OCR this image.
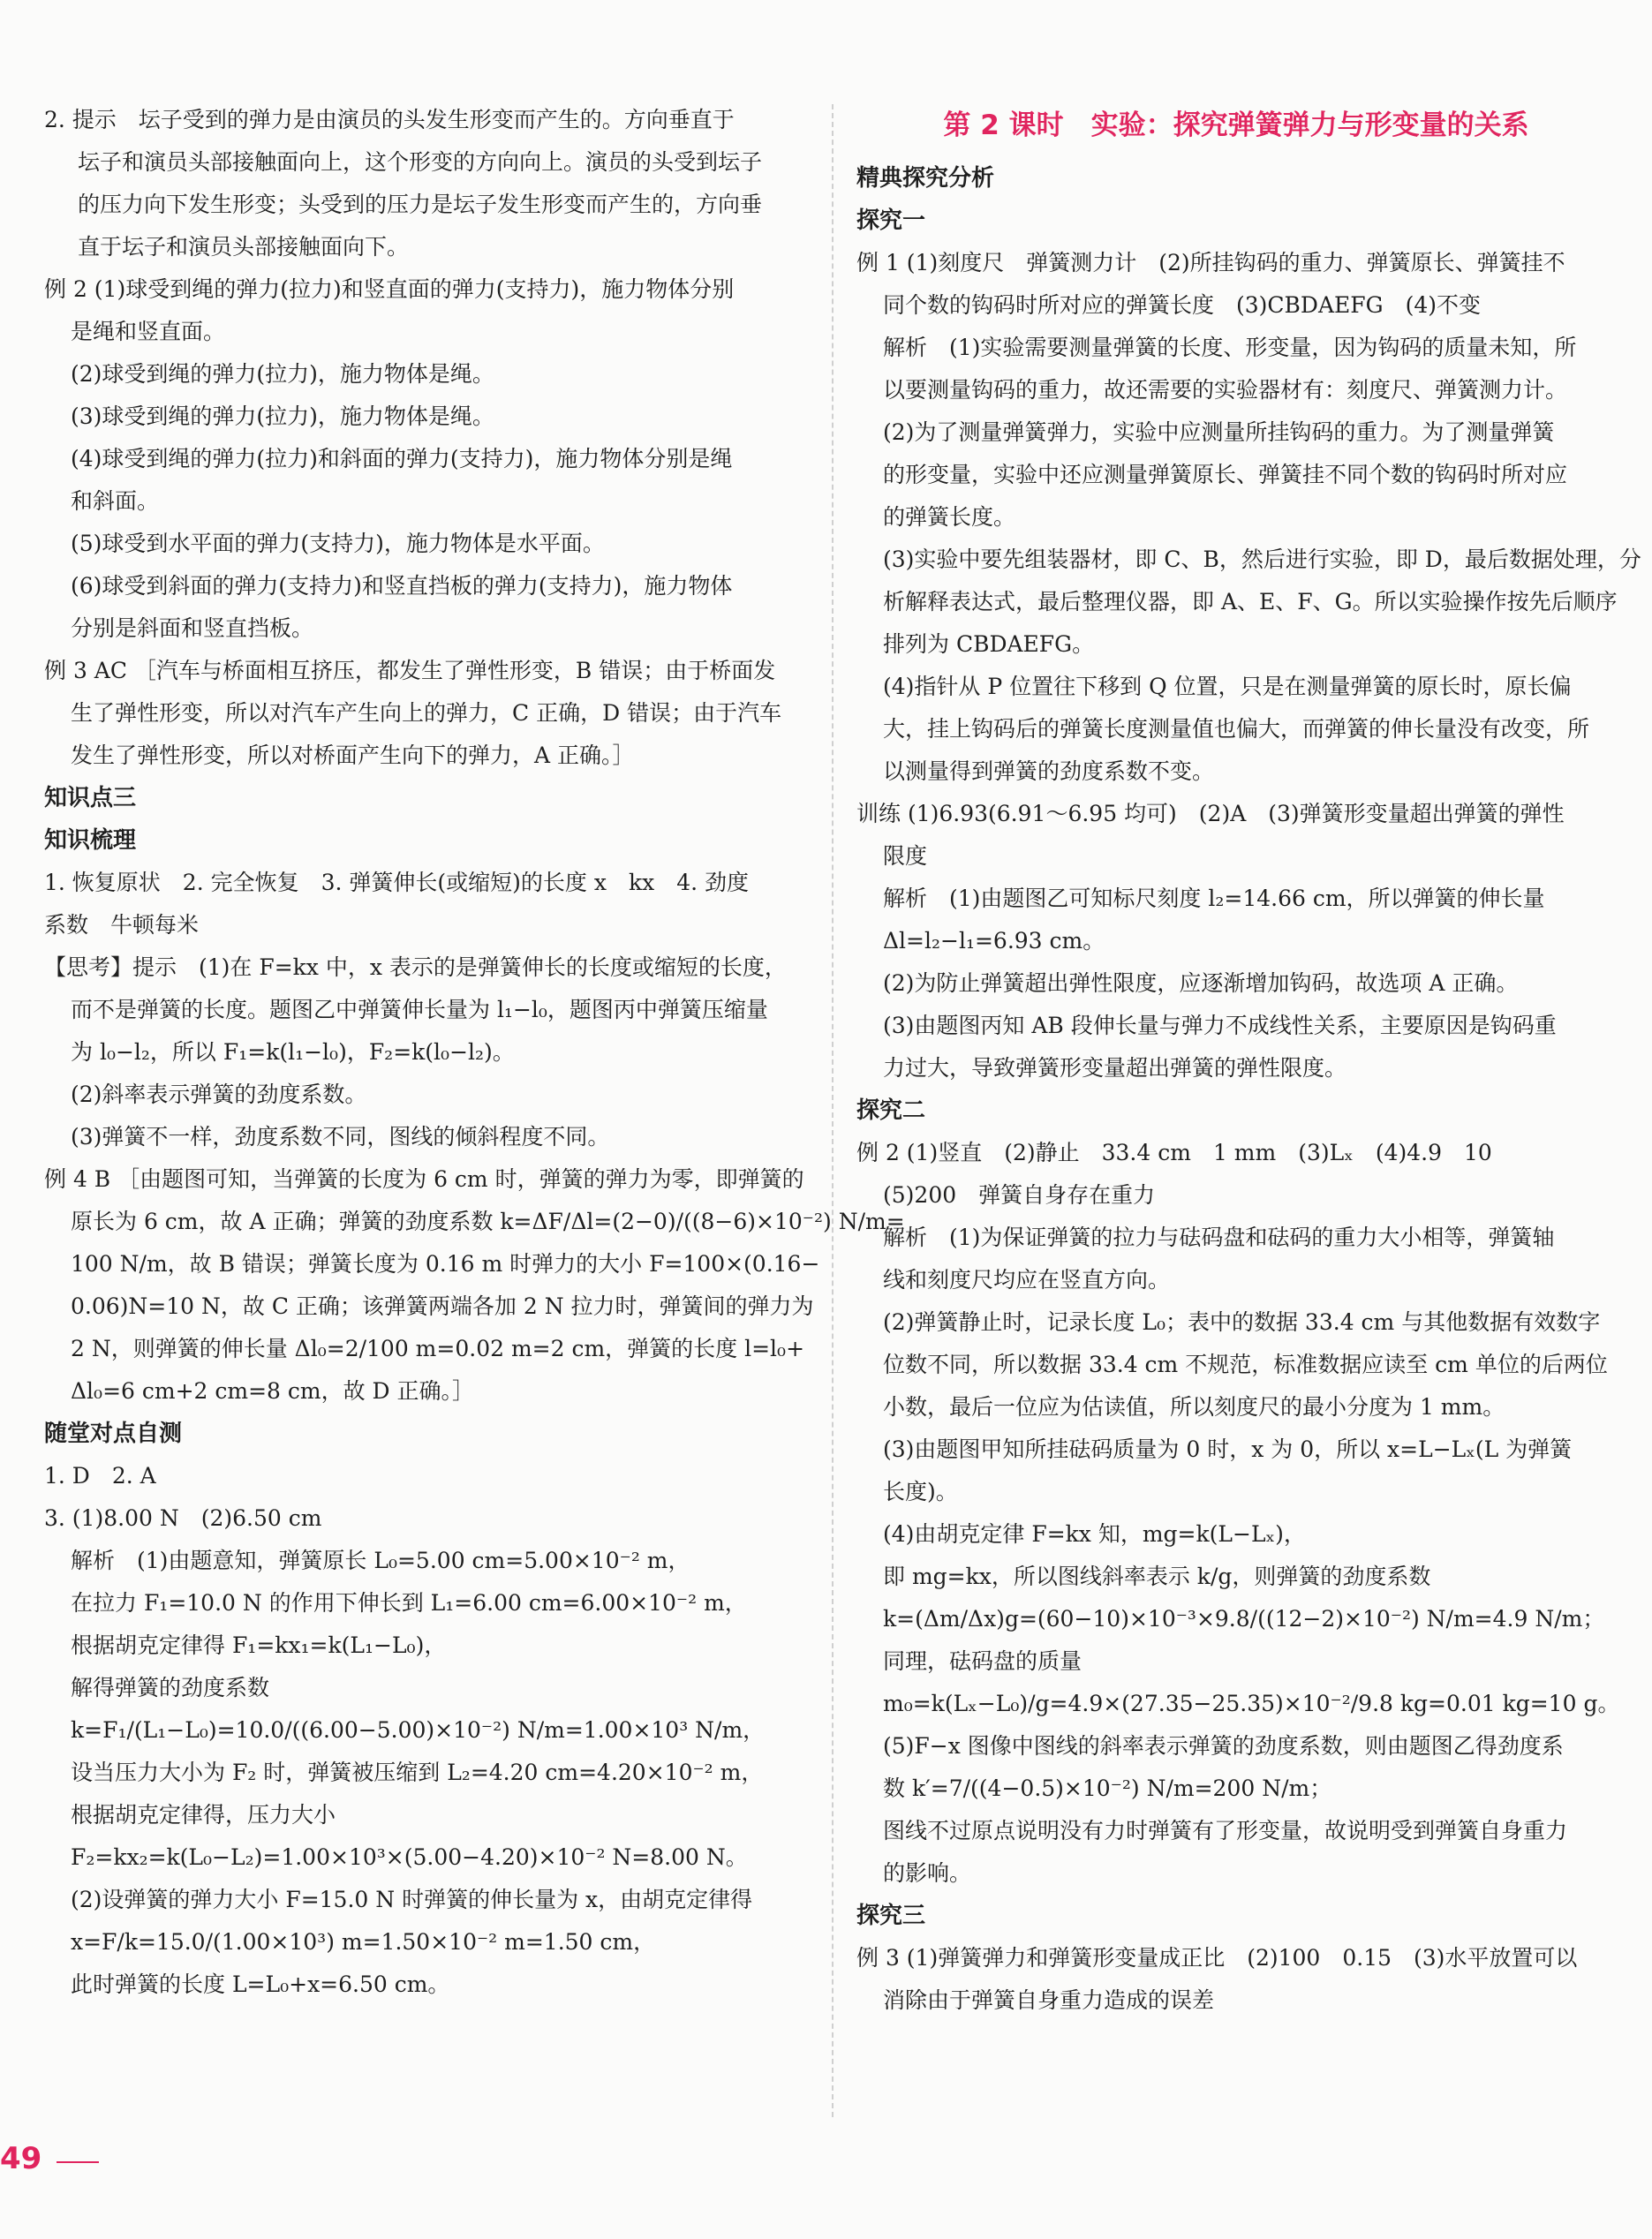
2. 提示　坛子受到的弹力是由演员的头发生形变而产生的。方向垂直于
坛子和演员头部接触面向上，这个形变的方向向上。演员的头受到坛子
的压力向下发生形变；头受到的压力是坛子发生形变而产生的，方向垂
直于坛子和演员头部接触面向下。
例 2 (1)球受到绳的弹力(拉力)和竖直面的弹力(支持力)，施力物体分别
是绳和竖直面。
(2)球受到绳的弹力(拉力)，施力物体是绳。
(3)球受到绳的弹力(拉力)，施力物体是绳。
(4)球受到绳的弹力(拉力)和斜面的弹力(支持力)，施力物体分别是绳
和斜面。
(5)球受到水平面的弹力(支持力)，施力物体是水平面。
(6)球受到斜面的弹力(支持力)和竖直挡板的弹力(支持力)，施力物体
分别是斜面和竖直挡板。
例 3 AC ［汽车与桥面相互挤压，都发生了弹性形变，B 错误；由于桥面发
生了弹性形变，所以对汽车产生向上的弹力，C 正确，D 错误；由于汽车
发生了弹性形变，所以对桥面产生向下的弹力，A 正确。］
知识点三
知识梳理
1. 恢复原状　2. 完全恢复　3. 弹簧伸长(或缩短)的长度 x　kx　4. 劲度
系数　牛顿每米
【思考】提示　(1)在 F=kx 中，x 表示的是弹簧伸长的长度或缩短的长度，
而不是弹簧的长度。题图乙中弹簧伸长量为 l₁−l₀，题图丙中弹簧压缩量
为 l₀−l₂，所以 F₁=k(l₁−l₀)，F₂=k(l₀−l₂)。
(2)斜率表示弹簧的劲度系数。
(3)弹簧不一样，劲度系数不同，图线的倾斜程度不同。
例 4 B ［由题图可知，当弹簧的长度为 6 cm 时，弹簧的弹力为零，即弹簧的
原长为 6 cm，故 A 正确；弹簧的劲度系数 k=ΔF/Δl=(2−0)/((8−6)×10⁻²) N/m=
100 N/m，故 B 错误；弹簧长度为 0.16 m 时弹力的大小 F=100×(0.16−
0.06)N=10 N，故 C 正确；该弹簧两端各加 2 N 拉力时，弹簧间的弹力为
2 N，则弹簧的伸长量 Δl₀=2/100 m=0.02 m=2 cm，弹簧的长度 l=l₀+
Δl₀=6 cm+2 cm=8 cm，故 D 正确。］
随堂对点自测
1. D　2. A
3. (1)8.00 N　(2)6.50 cm
解析　(1)由题意知，弹簧原长 L₀=5.00 cm=5.00×10⁻² m，
在拉力 F₁=10.0 N 的作用下伸长到 L₁=6.00 cm=6.00×10⁻² m，
根据胡克定律得 F₁=kx₁=k(L₁−L₀)，
解得弹簧的劲度系数
k=F₁/(L₁−L₀)=10.0/((6.00−5.00)×10⁻²) N/m=1.00×10³ N/m，
设当压力大小为 F₂ 时，弹簧被压缩到 L₂=4.20 cm=4.20×10⁻² m，
根据胡克定律得，压力大小
F₂=kx₂=k(L₀−L₂)=1.00×10³×(5.00−4.20)×10⁻² N=8.00 N。
(2)设弹簧的弹力大小 F=15.0 N 时弹簧的伸长量为 x，由胡克定律得
x=F/k=15.0/(1.00×10³) m=1.50×10⁻² m=1.50 cm，
此时弹簧的长度 L=L₀+x=6.50 cm。
第 2 课时　实验：探究弹簧弹力与形变量的关系
精典探究分析
探究一
例 1 (1)刻度尺　弹簧测力计　(2)所挂钩码的重力、弹簧原长、弹簧挂不
同个数的钩码时所对应的弹簧长度　(3)CBDAEFG　(4)不变
解析　(1)实验需要测量弹簧的长度、形变量，因为钩码的质量未知，所
以要测量钩码的重力，故还需要的实验器材有：刻度尺、弹簧测力计。
(2)为了测量弹簧弹力，实验中应测量所挂钩码的重力。为了测量弹簧
的形变量，实验中还应测量弹簧原长、弹簧挂不同个数的钩码时所对应
的弹簧长度。
(3)实验中要先组装器材，即 C、B，然后进行实验，即 D，最后数据处理，分
析解释表达式，最后整理仪器，即 A、E、F、G。所以实验操作按先后顺序
排列为 CBDAEFG。
(4)指针从 P 位置往下移到 Q 位置，只是在测量弹簧的原长时，原长偏
大，挂上钩码后的弹簧长度测量值也偏大，而弹簧的伸长量没有改变，所
以测量得到弹簧的劲度系数不变。
训练 (1)6.93(6.91～6.95 均可)　(2)A　(3)弹簧形变量超出弹簧的弹性
限度
解析　(1)由题图乙可知标尺刻度 l₂=14.66 cm，所以弹簧的伸长量
Δl=l₂−l₁=6.93 cm。
(2)为防止弹簧超出弹性限度，应逐渐增加钩码，故选项 A 正确。
(3)由题图丙知 AB 段伸长量与弹力不成线性关系，主要原因是钩码重
力过大，导致弹簧形变量超出弹簧的弹性限度。
探究二
例 2 (1)竖直　(2)静止　33.4 cm　1 mm　(3)Lₓ　(4)4.9　10
(5)200　弹簧自身存在重力
解析　(1)为保证弹簧的拉力与砝码盘和砝码的重力大小相等，弹簧轴
线和刻度尺均应在竖直方向。
(2)弹簧静止时，记录长度 L₀；表中的数据 33.4 cm 与其他数据有效数字
位数不同，所以数据 33.4 cm 不规范，标准数据应读至 cm 单位的后两位
小数，最后一位应为估读值，所以刻度尺的最小分度为 1 mm。
(3)由题图甲知所挂砝码质量为 0 时，x 为 0，所以 x=L−Lₓ(L 为弹簧
长度)。
(4)由胡克定律 F=kx 知，mg=k(L−Lₓ)，
即 mg=kx，所以图线斜率表示 k/g，则弹簧的劲度系数
k=(Δm/Δx)g=(60−10)×10⁻³×9.8/((12−2)×10⁻²) N/m=4.9 N/m；
同理，砝码盘的质量
m₀=k(Lₓ−L₀)/g=4.9×(27.35−25.35)×10⁻²/9.8 kg=0.01 kg=10 g。
(5)F−x 图像中图线的斜率表示弹簧的劲度系数，则由题图乙得劲度系
数 k′=7/((4−0.5)×10⁻²) N/m=200 N/m；
图线不过原点说明没有力时弹簧有了形变量，故说明受到弹簧自身重力
的影响。
探究三
例 3 (1)弹簧弹力和弹簧形变量成正比　(2)100　0.15　(3)水平放置可以
消除由于弹簧自身重力造成的误差
49
